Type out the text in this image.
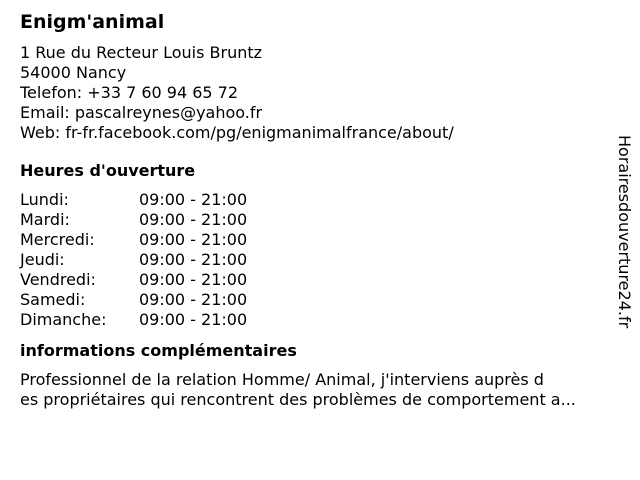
Enigm'animal
1 Rue du Recteur Louis Bruntz
54000 Nancy
Telefon: +33 7 60 94 65 72
Email: pascalreynes@yahoo.fr
Web: fr-fr.facebook.com/pg/enigmanimalfrance/about/
Heures d'ouverture
Lundi:	09:00 - 21:00
Mardi:	09:00 - 21:00
Mercredi:	09:00 - 21:00
Jeudi:	09:00 - 21:00
Vendredi:	09:00 - 21:00
Samedi:	09:00 - 21:00
Dimanche:	09:00 - 21:00
informations complémentaires
Professionnel de la relation Homme/ Animal, j'interviens auprès d
es propriétaires qui rencontrent des problèmes de comportement a...
Horairesdouverture24.fr
